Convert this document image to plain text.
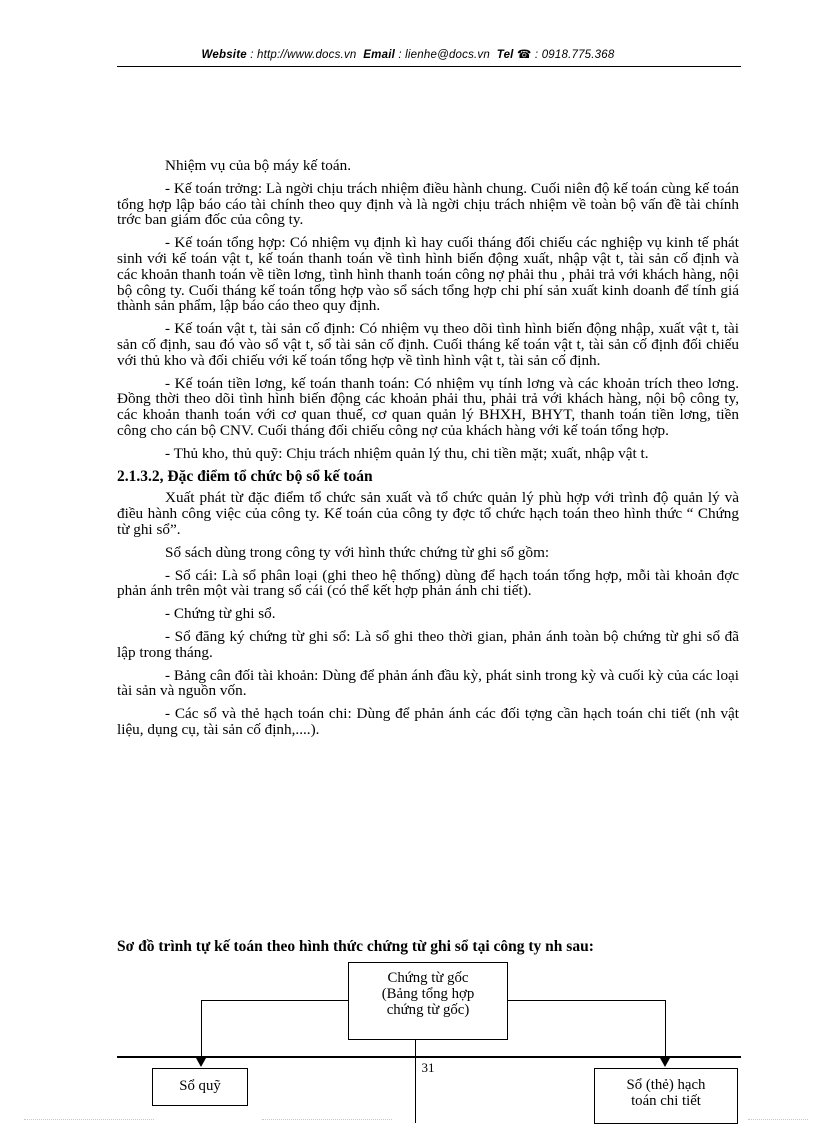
Website : http://www.docs.vn Email : lienhe@docs.vn Tel ☎ : 0918.775.368

Nhiệm vụ của bộ máy kế toán.

- Kế toán trởng: Là ngời chịu trách nhiệm điều hành chung. Cuối niên độ kế toán cùng kế toán tổng hợp lập báo cáo tài chính theo quy định và là ngời chịu trách nhiệm về toàn bộ vấn đề tài chính trớc ban giám đốc của công ty.

- Kế toán tổng hợp: Có nhiệm vụ định kì hay cuối tháng đối chiếu các nghiệp vụ kinh tế phát sinh với kế toán vật t, kế toán thanh toán về tình hình biến động xuất, nhập vật t, tài sản cố định và các khoản thanh toán về tiền lơng, tình hình thanh toán công nợ phải thu , phải trả với khách hàng, nội bộ công ty. Cuối tháng kế toán tổng hợp vào sổ sách tổng hợp chi phí sản xuất kinh doanh để tính giá thành sản phẩm, lập báo cáo theo quy định.

- Kế toán vật t, tài sản cố định: Có nhiệm vụ theo dõi tình hình biến động nhập, xuất vật t, tài sản cố định, sau đó vào sổ vật t, sổ tài sản cố định. Cuối tháng kế toán vật t, tài sản cố định đối chiếu với thủ kho và đối chiếu với kế toán tổng hợp về tình hình vật t, tài sản cố định.

- Kế toán tiền lơng, kế toán thanh toán: Có nhiệm vụ tính lơng và các khoản trích theo lơng. Đồng thời theo dõi tình hình biến động các khoản phải thu, phải trả với khách hàng, nội bộ công ty, các khoản thanh toán với cơ quan thuế, cơ quan quản lý BHXH, BHYT, thanh toán tiền lơng, tiền công cho cán bộ CNV. Cuối tháng đối chiếu công nợ của khách hàng với kế toán tổng hợp.

- Thủ kho, thủ quỹ: Chịu trách nhiệm quản lý thu, chi tiền mặt; xuất, nhập vật t.

2.1.3.2, Đặc điểm tổ chức bộ sổ kế toán

Xuất phát từ đặc điểm tổ chức sản xuất và tổ chức quản lý phù hợp với trình độ quản lý và điều hành công việc của công ty. Kế toán của công ty đợc tổ chức hạch toán theo hình thức “ Chứng từ ghi sổ”.

Sổ sách dùng trong công ty với hình thức chứng từ ghi sổ gồm:

- Sổ cái: Là sổ phân loại (ghi theo hệ thống) dùng để hạch toán tổng hợp, mỗi tài khoản đợc phản ánh trên một vài trang sổ cái (có thể kết hợp phản ánh chi tiết).

- Chứng từ ghi sổ.

- Sổ đăng ký chứng từ ghi sổ: Là sổ ghi theo thời gian, phản ánh toàn bộ chứng từ ghi sổ đã lập trong tháng.

- Bảng cân đối tài khoản: Dùng để phản ánh đầu kỳ, phát sinh trong kỳ và cuối kỳ của các loại tài sản và nguồn vốn.

- Các sổ và thẻ hạch toán chi: Dùng để phản ánh các đối tợng cần hạch toán chi tiết (nh vật liệu, dụng cụ, tài sản cố định,....).

Sơ đồ trình tự kế toán theo hình thức chứng từ ghi sổ tại công ty nh sau:
Chứng từ gốc
(Bảng tổng hợp
chứng từ gốc)
31
Sổ quỹ	Sổ (thẻ) hạch
toán chi tiết
